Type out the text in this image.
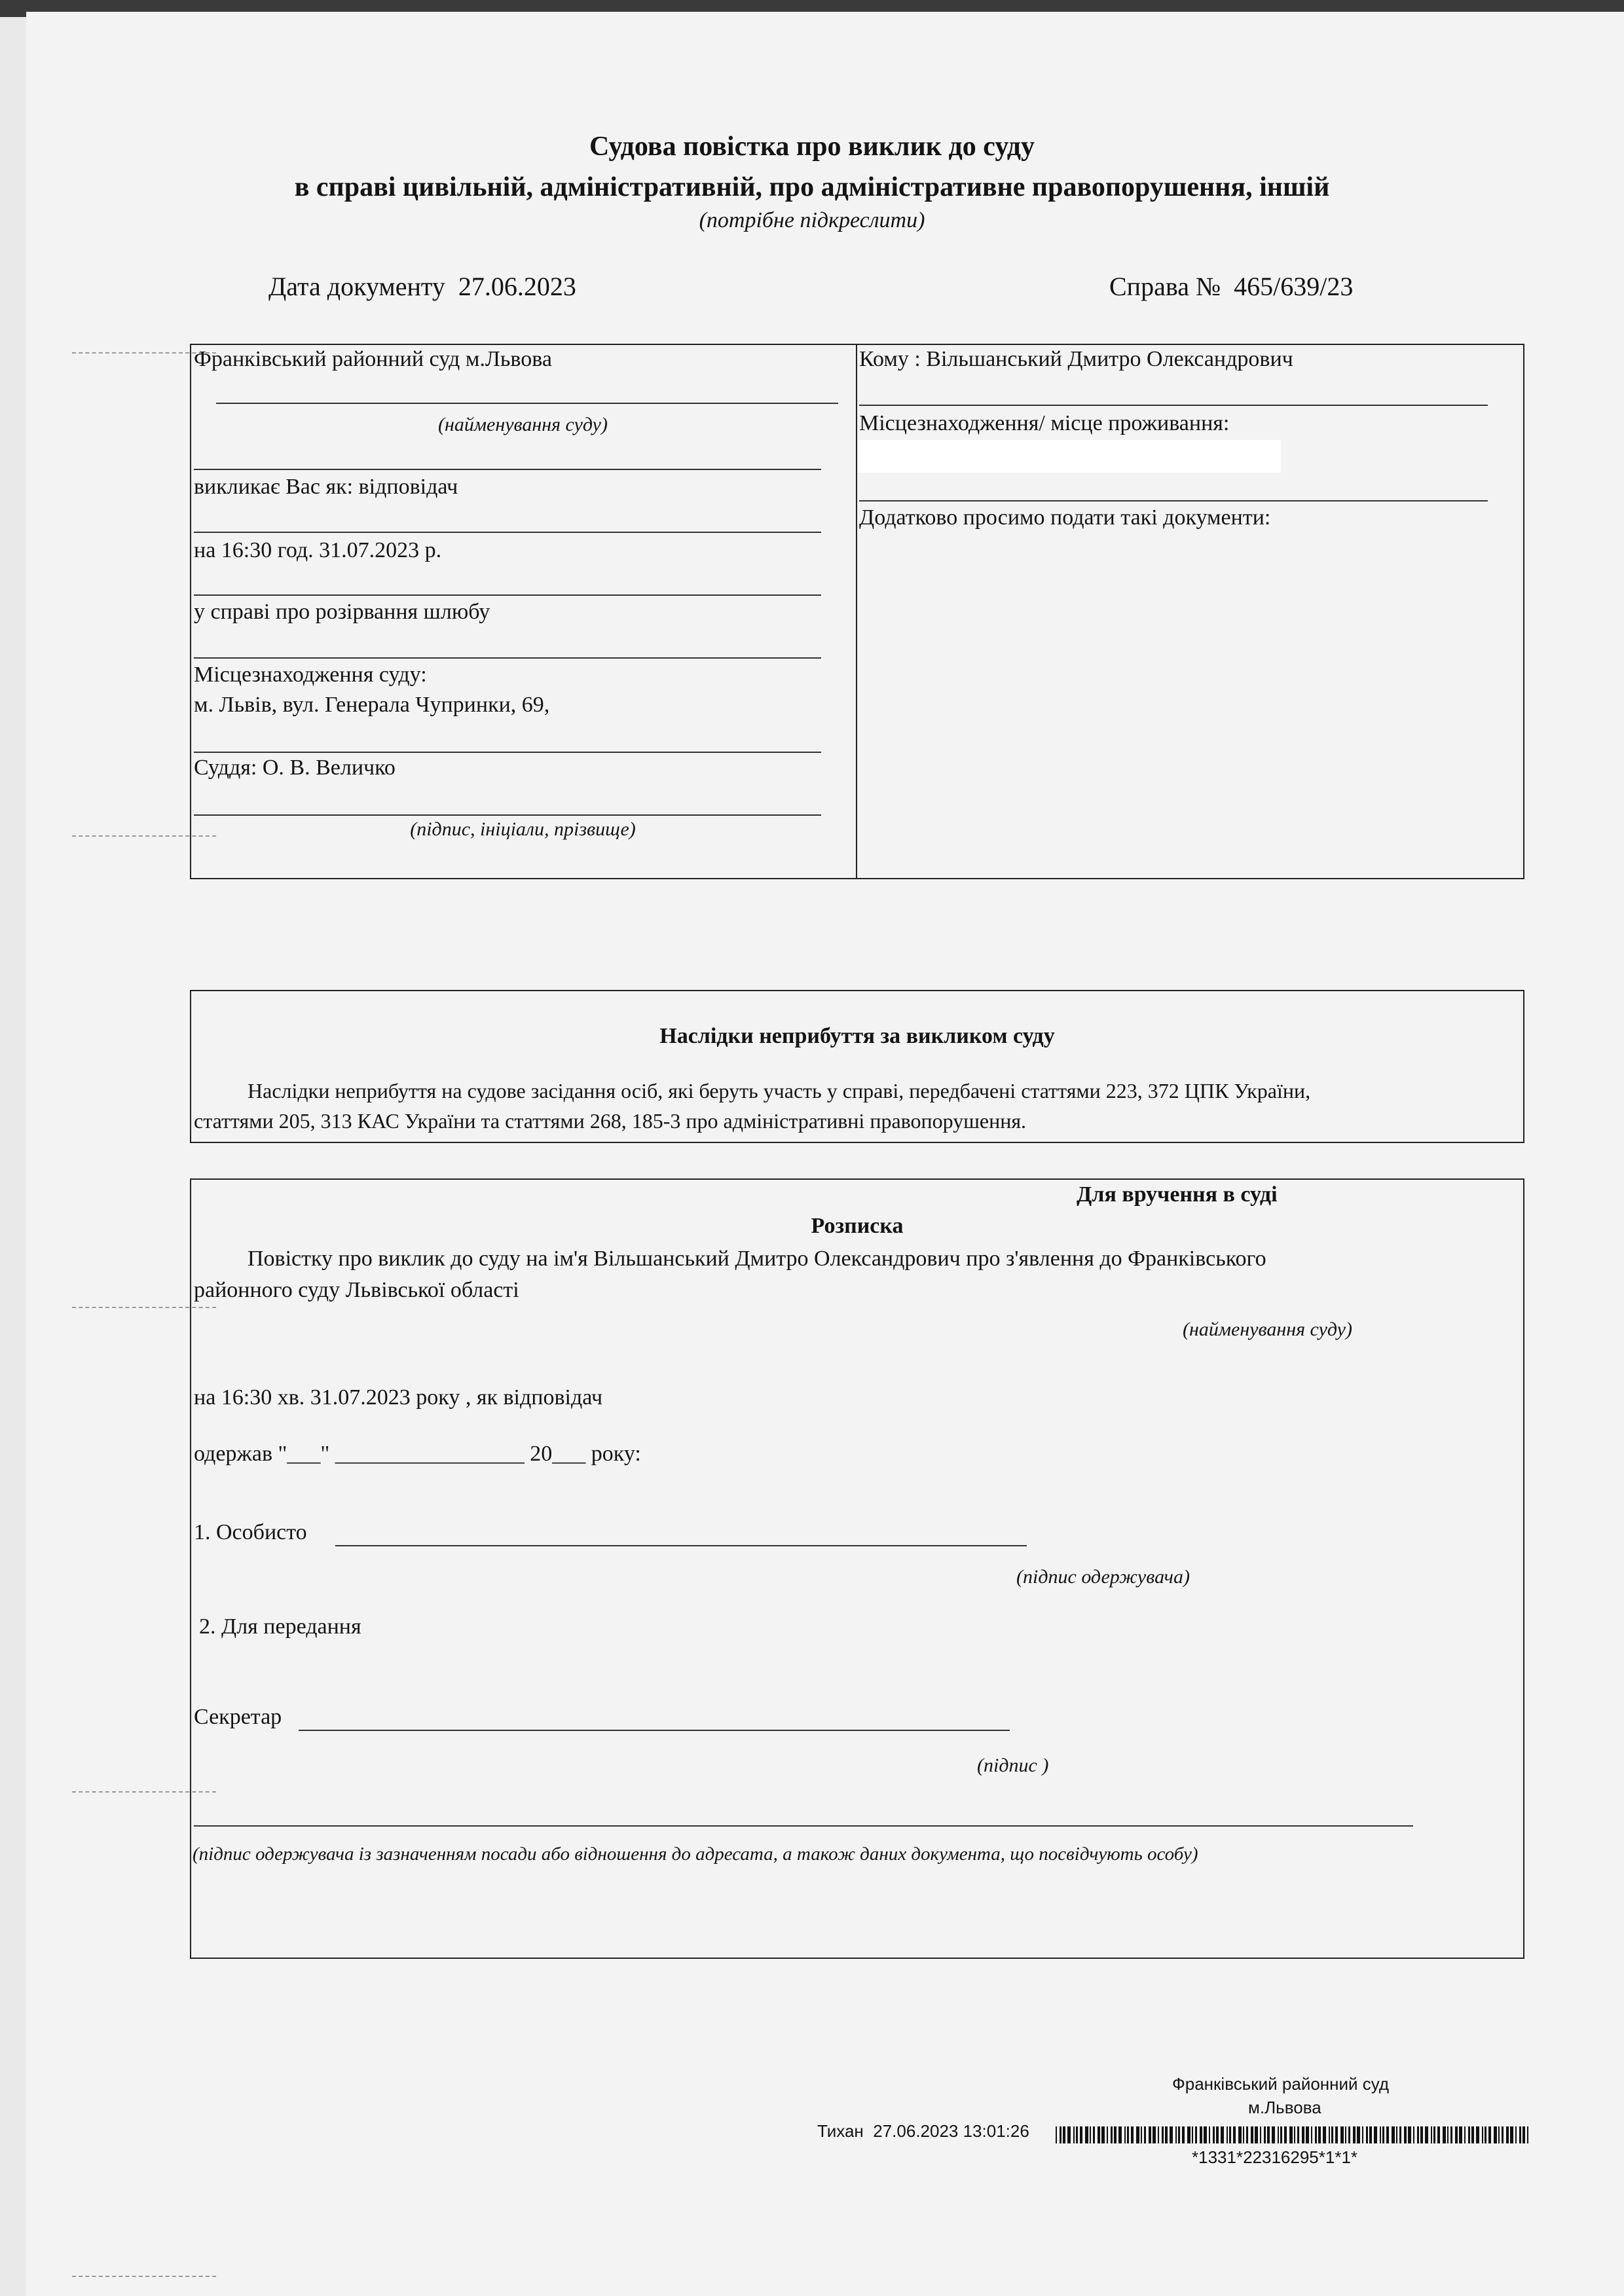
Судова повістка про виклик до суду
в справі цивільній, адміністративній, про адміністративне правопорушення, іншій
(потрібне підкреслити)
Дата документу 27.06.2023	Справа № 465/639/23
Франківський районний суд м.Львова
(найменування суду)
викликає Вас як: відповідач
на 16:30 год. 31.07.2023 р.
у справі про розірвання шлюбу
Місцезнаходження суду:
м. Львів, вул. Генерала Чупринки, 69,
Суддя: О. В. Величко
(підпис, ініціали, прізвище)
Кому : Вільшанський Дмитро Олександрович
Місцезнаходження/ місце проживання:
Додатково просимо подати такі документи:
Наслідки неприбуття за викликом суду
Наслідки неприбуття на судове засідання осіб, які беруть участь у справі, передбачені статтями 223, 372 ЦПК України,
статтями 205, 313 КАС України та статтями 268, 185-3 про адміністративні правопорушення.
Для вручення в суді
Розписка
Повістку про виклик до суду на ім'я Вільшанський Дмитро Олександрович про з'явлення до Франківського
районного суду Львівської області
(найменування суду)
на 16:30 хв. 31.07.2023 року , як відповідач
одержав "___" _________________ 20___ року:
1. Особисто
(підпис одержувача)
2. Для передання
Секретар
(підпис )
(підпис одержувача із зазначенням посади або відношення до адресата, а також даних документа, що посвідчують особу)
Франківський районний суд
м.Львова
Тихан 27.06.2023 13:01:26
*1331*22316295*1*1*
